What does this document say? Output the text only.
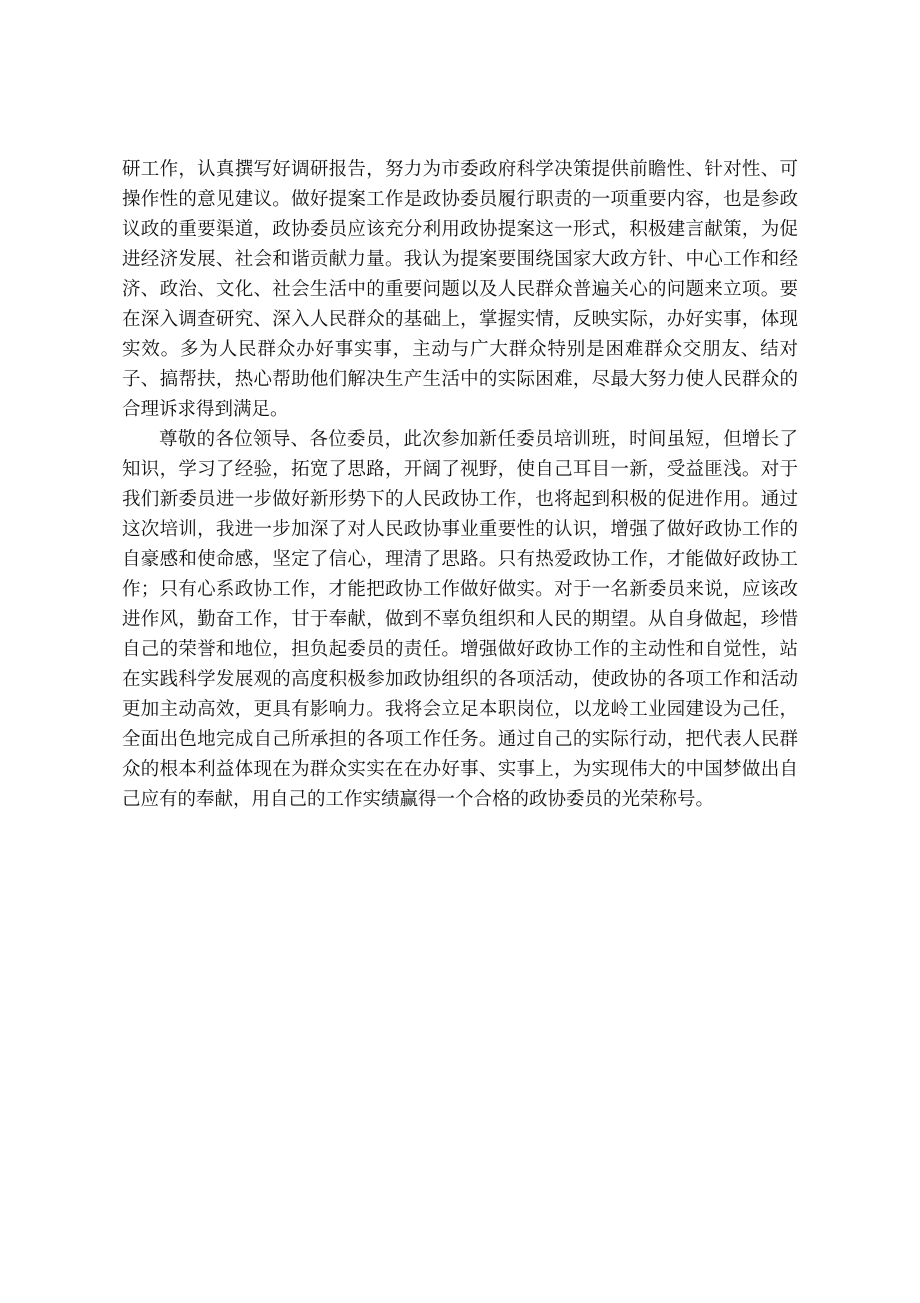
研工作，认真撰写好调研报告，努力为市委政府科学决策提供前瞻性、针对性、可操作性的意见建议。做好提案工作是政协委员履行职责的一项重要内容，也是参政议政的重要渠道，政协委员应该充分利用政协提案这一形式，积极建言献策，为促进经济发展、社会和谐贡献力量。我认为提案要围绕国家大政方针、中心工作和经济、政治、文化、社会生活中的重要问题以及人民群众普遍关心的问题来立项。要在深入调查研究、深入人民群众的基础上，掌握实情，反映实际，办好实事，体现实效。多为人民群众办好事实事，主动与广大群众特别是困难群众交朋友、结对子、搞帮扶，热心帮助他们解决生产生活中的实际困难，尽最大努力使人民群众的合理诉求得到满足。

尊敬的各位领导、各位委员，此次参加新任委员培训班，时间虽短，但增长了知识，学习了经验，拓宽了思路，开阔了视野，使自己耳目一新，受益匪浅。对于我们新委员进一步做好新形势下的人民政协工作，也将起到积极的促进作用。通过这次培训，我进一步加深了对人民政协事业重要性的认识，增强了做好政协工作的自豪感和使命感，坚定了信心，理清了思路。只有热爱政协工作，才能做好政协工作；只有心系政协工作，才能把政协工作做好做实。对于一名新委员来说，应该改进作风，勤奋工作，甘于奉献，做到不辜负组织和人民的期望。从自身做起，珍惜自己的荣誉和地位，担负起委员的责任。增强做好政协工作的主动性和自觉性，站在实践科学发展观的高度积极参加政协组织的各项活动，使政协的各项工作和活动更加主动高效，更具有影响力。我将会立足本职岗位，以龙岭工业园建设为己任，全面出色地完成自己所承担的各项工作任务。通过自己的实际行动，把代表人民群众的根本利益体现在为群众实实在在办好事、实事上，为实现伟大的中国梦做出自己应有的奉献，用自己的工作实绩赢得一个合格的政协委员的光荣称号。
